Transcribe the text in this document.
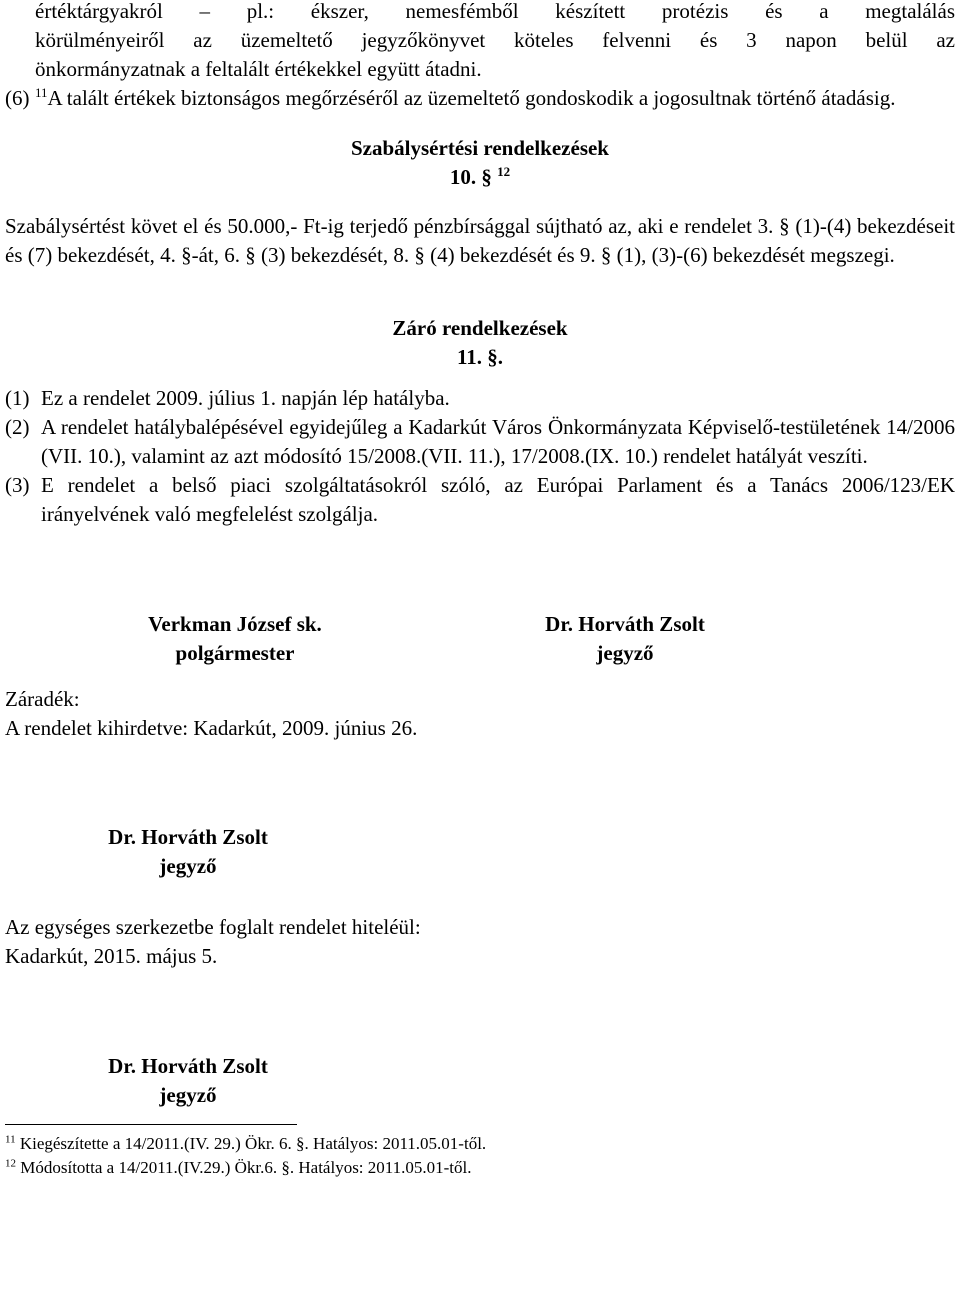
értéktárgyakról – pl.: ékszer, nemesfémből készített protézis és a megtalálás
körülményeiről az üzemeltető jegyzőkönyvet köteles felvenni és 3 napon belül az
önkormányzatnak a feltalált értékekkel együtt átadni.
(6) $^{11}$A talált értékek biztonságos megőrzéséről az üzemeltető gondoskodik a jogosultnak történő átadásig.
Szabálysértési rendelkezések
10. § $^{12}$
Szabálysértést követ el és 50.000,- Ft-ig terjedő pénzbírsággal sújtható az, aki e rendelet 3. § (1)-(4) bekezdéseit és (7) bekezdését, 4. §-át, 6. § (3) bekezdését, 8. § (4) bekezdését és 9. § (1), (3)-(6) bekezdését megszegi.
Záró rendelkezések
11. §.
(1) Ez a rendelet 2009. július 1. napján lép hatályba.
(2) A rendelet hatálybalépésével egyidejűleg a Kadarkút Város Önkormányzata Képviselő-testületének 14/2006 (VII. 10.), valamint az azt módosító 15/2008.(VII. 11.), 17/2008.(IX. 10.) rendelet hatályát veszíti.
(3) E rendelet a belső piaci szolgáltatásokról szóló, az Európai Parlament és a Tanács 2006/123/EK irányelvének való megfelelést szolgálja.
Verkman József sk.
polgármester
Dr. Horváth Zsolt
jegyző
Záradék:
A rendelet kihirdetve: Kadarkút, 2009. június 26.
Dr. Horváth Zsolt
jegyző
Az egységes szerkezetbe foglalt rendelet hiteléül:
Kadarkút, 2015. május 5.
Dr. Horváth Zsolt
jegyző
$^{11}$ Kiegészítette a 14/2011.(IV. 29.) Ökr. 6. §. Hatályos: 2011.05.01-től.
$^{12}$ Módosította a 14/2011.(IV.29.) Ökr.6. §. Hatályos: 2011.05.01-től.
